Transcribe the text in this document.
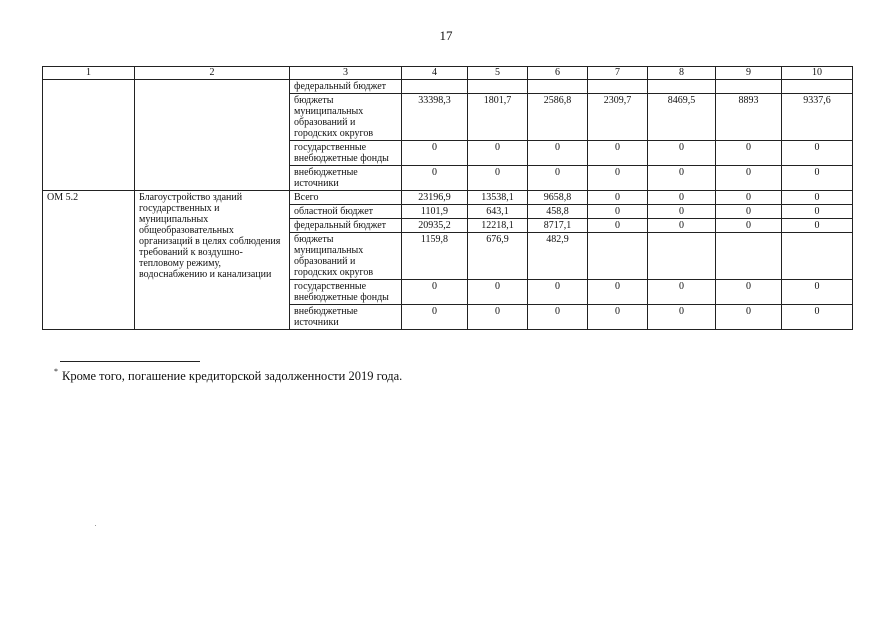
17
1	2	3	4	5	6	7	8	9	10
		федеральный бюджет							
		бюджеты муниципальных образований и городских округов	33398,3	1801,7	2586,8	2309,7	8469,5	8893	9337,6
		государственные внебюджетные фонды	0	0	0	0	0	0	0
		внебюджетные источники	0	0	0	0	0	0	0
ОМ 5.2	Благоустройство зданий государственных и муниципальных общеобразовательных организаций в целях соблюдения требований к воздушно-тепловому режиму, водоснабжению и канализации	Всего	23196,9	13538,1	9658,8	0	0	0	0
		областной бюджет	1101,9	643,1	458,8	0	0	0	0
		федеральный бюджет	20935,2	12218,1	8717,1	0	0	0	0
		бюджеты муниципальных образований и городских округов	1159,8	676,9	482,9				
		государственные внебюджетные фонды	0	0	0	0	0	0	0
		внебюджетные источники	0	0	0	0	0	0	0
* Кроме того, погашение кредиторской задолженности 2019 года.
